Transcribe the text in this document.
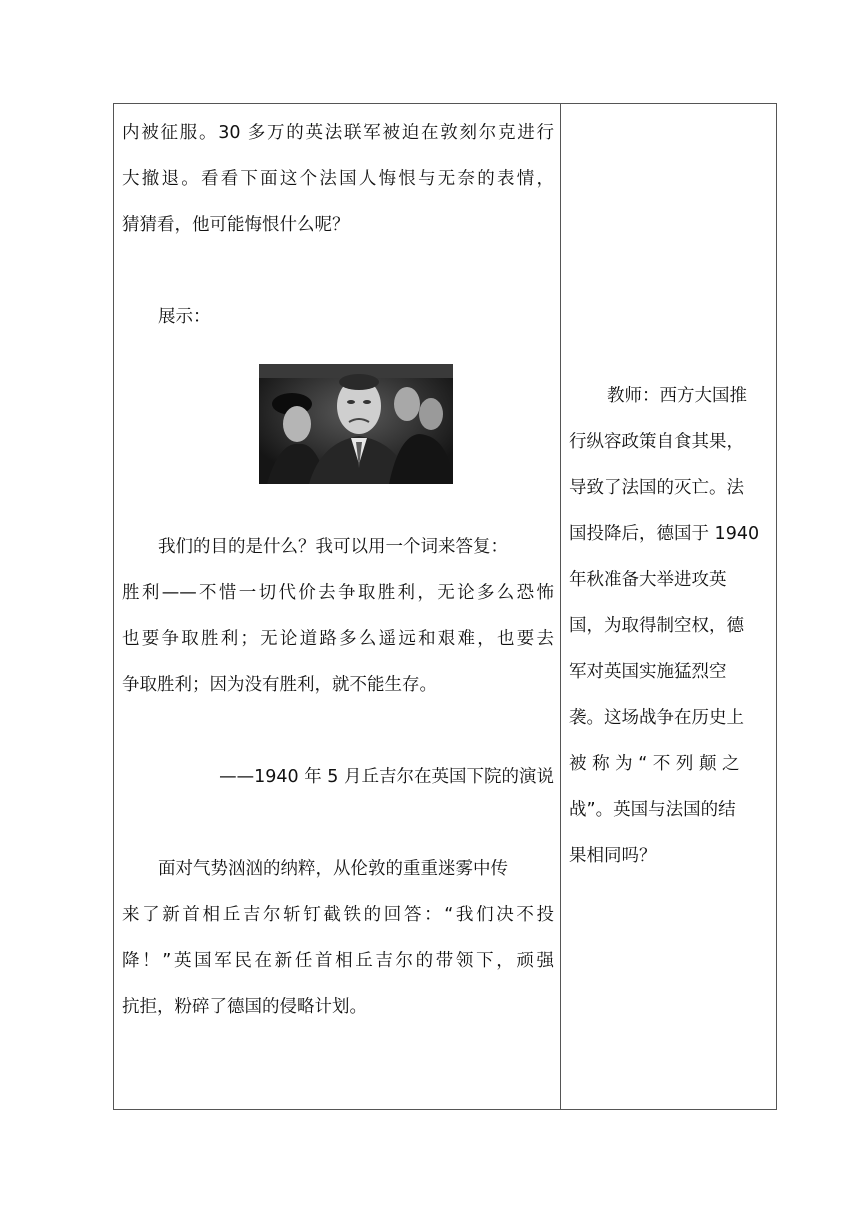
内被征服。30 多万的英法联军被迫在敦刻尔克进行
大撤退。看看下面这个法国人悔恨与无奈的表情，
猜猜看，他可能悔恨什么呢？
展示：
我们的目的是什么？我可以用一个词来答复：
胜利——不惜一切代价去争取胜利，无论多么恐怖
也要争取胜利；无论道路多么遥远和艰难，也要去
争取胜利；因为没有胜利，就不能生存。
——1940 年 5 月丘吉尔在英国下院的演说
面对气势汹汹的纳粹，从伦敦的重重迷雾中传
来了新首相丘吉尔斩钉截铁的回答：“我们决不投
降！”英国军民在新任首相丘吉尔的带领下，顽强
抗拒，粉碎了德国的侵略计划。
教师：西方大国推
行纵容政策自食其果，
导致了法国的灭亡。法
国投降后，德国于 1940
年秋准备大举进攻英
国，为取得制空权，德
军对英国实施猛烈空
袭。这场战争在历史上
被 称 为 “ 不 列 颠 之
战”。英国与法国的结
果相同吗？
